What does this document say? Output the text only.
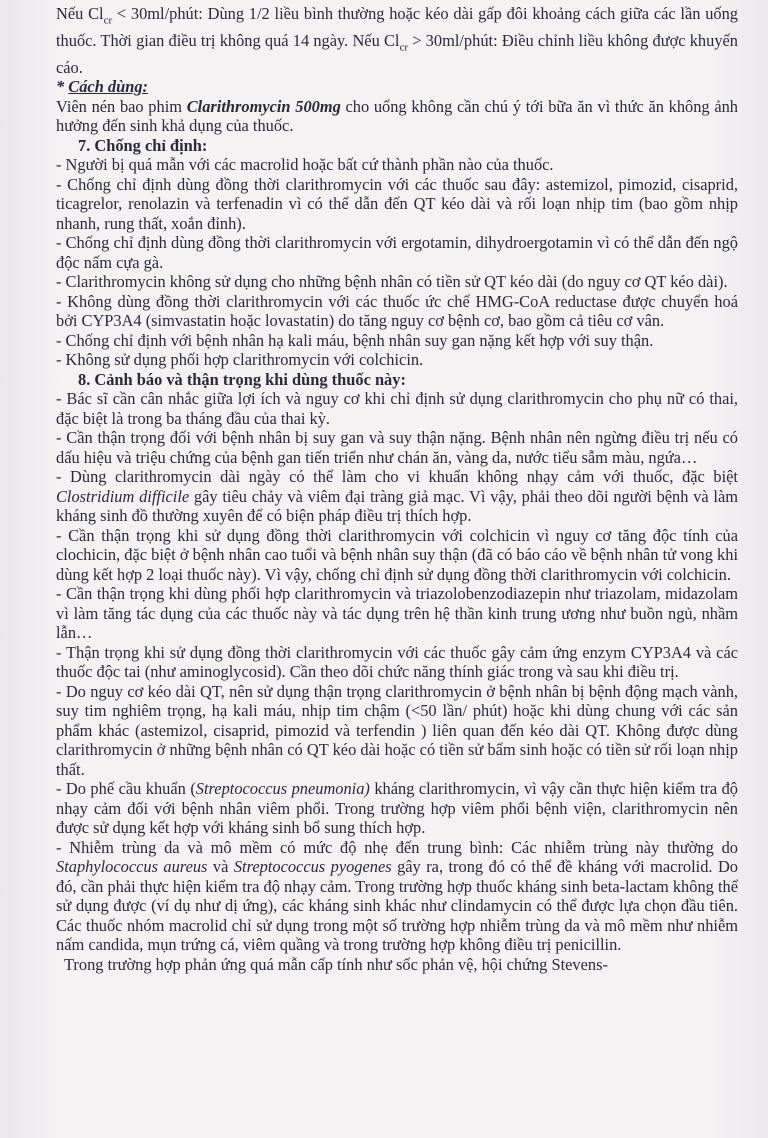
Nếu $Cl_{cr}$ < 30ml/phút: Dùng 1/2 liều bình thường hoặc kéo dài gấp đôi khoảng cách giữa các lần uống thuốc. Thời gian điều trị không quá 14 ngày. Nếu $Cl_{cr}$ > 30ml/phút: Điều chỉnh liều không được khuyến cáo.

* Cách dùng:

Viên nén bao phim Clarithromycin 500mg cho uống không cần chú ý tới bữa ăn vì thức ăn không ảnh hưởng đến sinh khả dụng của thuốc.

7. Chống chỉ định:

- Người bị quá mẫn với các macrolid hoặc bất cứ thành phần nào của thuốc.

- Chống chỉ định dùng đồng thời clarithromycin với các thuốc sau đây: astemizol, pimozid, cisaprid, ticagrelor, renolazin và terfenadin vì có thể dẫn đến QT kéo dài và rối loạn nhịp tim (bao gồm nhịp nhanh, rung thất, xoắn đỉnh).

- Chống chỉ định dùng đồng thời clarithromycin với ergotamin, dihydroergotamin vì có thể dẫn đến ngộ độc nấm cựa gà.

- Clarithromycin không sử dụng cho những bệnh nhân có tiền sử QT kéo dài (do nguy cơ QT kéo dài).

- Không dùng đồng thời clarithromycin với các thuốc ức chế HMG-CoA reductase được chuyển hoá bởi CYP3A4 (simvastatin hoặc lovastatin) do tăng nguy cơ bệnh cơ, bao gồm cả tiêu cơ vân.

- Chống chỉ định với bệnh nhân hạ kali máu, bệnh nhân suy gan nặng kết hợp với suy thận.

- Không sử dụng phối hợp clarithromycin với colchicin.

8. Cảnh báo và thận trọng khi dùng thuốc này:

- Bác sĩ cần cân nhắc giữa lợi ích và nguy cơ khi chỉ định sử dụng clarithromycin cho phụ nữ có thai, đặc biệt là trong ba tháng đầu của thai kỳ.

- Cần thận trọng đối với bệnh nhân bị suy gan và suy thận nặng. Bệnh nhân nên ngừng điều trị nếu có dấu hiệu và triệu chứng của bệnh gan tiến triển như chán ăn, vàng da, nước tiểu sẫm màu, ngứa…

- Dùng clarithromycin dài ngày có thể làm cho vi khuẩn không nhạy cảm với thuốc, đặc biệt Clostridium difficile gây tiêu chảy và viêm đại tràng giả mạc. Vì vậy, phải theo dõi người bệnh và làm kháng sinh đồ thường xuyên để có biện pháp điều trị thích hợp.

- Cần thận trọng khi sử dụng đồng thời clarithromycin với colchicin vì nguy cơ tăng độc tính của clochicin, đặc biệt ở bệnh nhân cao tuổi và bệnh nhân suy thận (đã có báo cáo về bệnh nhân tử vong khi dùng kết hợp 2 loại thuốc này). Vì vậy, chống chỉ định sử dụng đồng thời clarithromycin với colchicin.

- Cần thận trọng khi dùng phối hợp clarithromycin và triazolobenzodiazepin như triazolam, midazolam vì làm tăng tác dụng của các thuốc này và tác dụng trên hệ thần kinh trung ương như buồn ngủ, nhầm lẫn…

- Thận trọng khi sử dụng đồng thời clarithromycin với các thuốc gây cảm ứng enzym CYP3A4 và các thuốc độc tai (như aminoglycosid). Cần theo dõi chức năng thính giác trong và sau khi điều trị.

- Do nguy cơ kéo dài QT, nên sử dụng thận trọng clarithromycin ở bệnh nhân bị bệnh động mạch vành, suy tim nghiêm trọng, hạ kali máu, nhịp tim chậm (<50 lần/ phút) hoặc khi dùng chung với các sản phẩm khác (astemizol, cisaprid, pimozid và terfendin ) liên quan đến kéo dài QT. Không được dùng clarithromycin ở những bệnh nhân có QT kéo dài hoặc có tiền sử bẩm sinh hoặc có tiền sử rối loạn nhịp thất.

- Do phế cầu khuẩn (Streptococcus pneumonia) kháng clarithromycin, vì vậy cần thực hiện kiểm tra độ nhạy cảm đối với bệnh nhân viêm phổi. Trong trường hợp viêm phổi bệnh viện, clarithromycin nên được sử dụng kết hợp với kháng sinh bổ sung thích hợp.

- Nhiễm trùng da và mô mềm có mức độ nhẹ đến trung bình: Các nhiễm trùng này thường do Staphylococcus aureus và Streptococcus pyogenes gây ra, trong đó có thể đề kháng với macrolid. Do đó, cần phải thực hiện kiểm tra độ nhạy cảm. Trong trường hợp thuốc kháng sinh beta-lactam không thể sử dụng được (ví dụ như dị ứng), các kháng sinh khác như clindamycin có thể được lựa chọn đầu tiên. Các thuốc nhóm macrolid chỉ sử dụng trong một số trường hợp nhiễm trùng da và mô mềm như nhiễm nấm candida, mụn trứng cá, viêm quầng và trong trường hợp không điều trị penicillin.

Trong trường hợp phản ứng quá mẫn cấp tính như sốc phản vệ, hội chứng Stevens-
